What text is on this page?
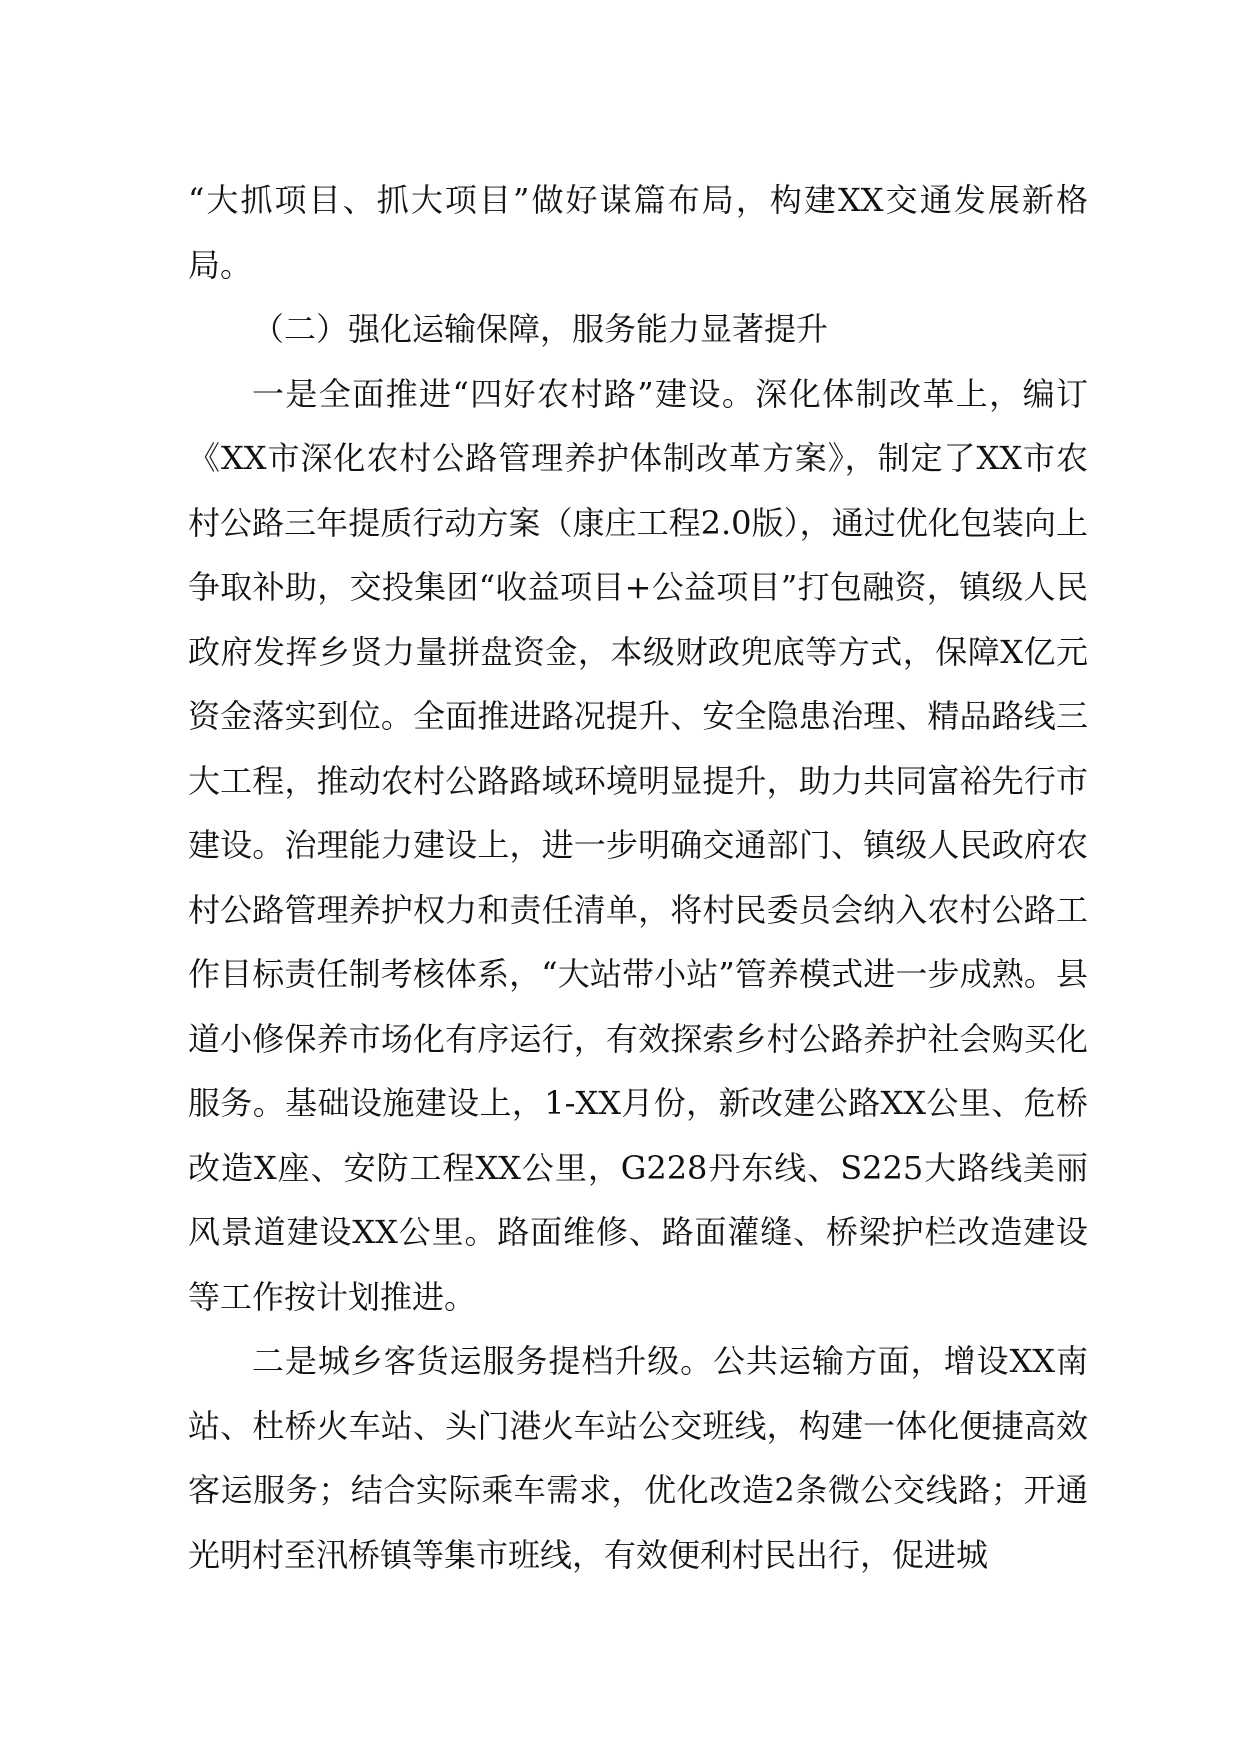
“大抓项目、抓大项目”做好谋篇布局，构建XX交通发展新格局。

（二）强化运输保障，服务能力显著提升

一是全面推进“四好农村路”建设。深化体制改革上，编订《XX市深化农村公路管理养护体制改革方案》，制定了XX市农村公路三年提质行动方案（康庄工程2.0版），通过优化包装向上争取补助，交投集团“收益项目+公益项目”打包融资，镇级人民政府发挥乡贤力量拼盘资金，本级财政兜底等方式，保障X亿元资金落实到位。全面推进路况提升、安全隐患治理、精品路线三大工程，推动农村公路路域环境明显提升，助力共同富裕先行市建设。治理能力建设上，进一步明确交通部门、镇级人民政府农村公路管理养护权力和责任清单，将村民委员会纳入农村公路工作目标责任制考核体系，“大站带小站”管养模式进一步成熟。县道小修保养市场化有序运行，有效探索乡村公路养护社会购买化服务。基础设施建设上，1-XX月份，新改建公路XX公里、危桥改造X座、安防工程XX公里，G228丹东线、S225大路线美丽风景道建设XX公里。路面维修、路面灌缝、桥梁护栏改造建设等工作按计划推进。

二是城乡客货运服务提档升级。公共运输方面，增设XX南站、杜桥火车站、头门港火车站公交班线，构建一体化便捷高效客运服务；结合实际乘车需求，优化改造2条微公交线路；开通光明村至汛桥镇等集市班线，有效便利村民出行，促进城
